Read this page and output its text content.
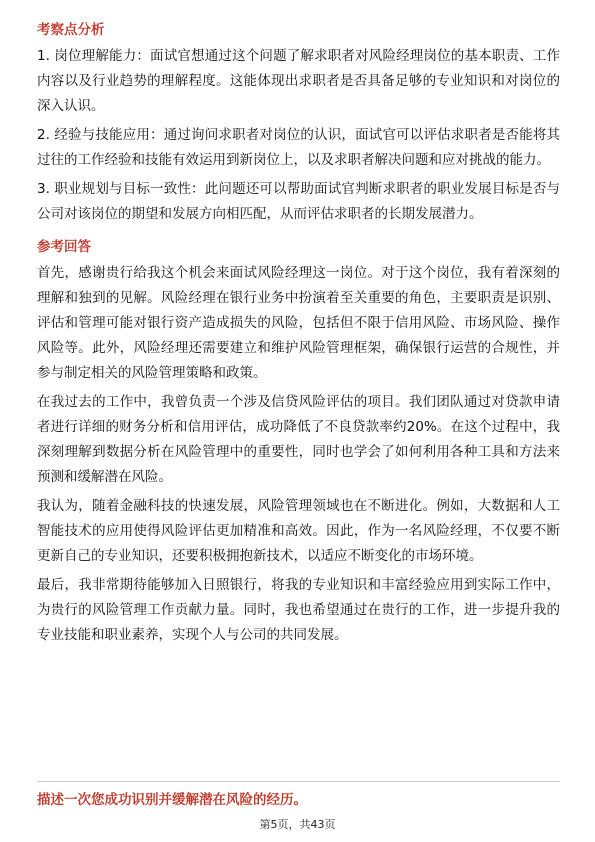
考察点分析

1. 岗位理解能力：面试官想通过这个问题了解求职者对风险经理岗位的基本职责、工作内容以及行业趋势的理解程度。这能体现出求职者是否具备足够的专业知识和对岗位的深入认识。

2. 经验与技能应用：通过询问求职者对岗位的认识，面试官可以评估求职者是否能将其过往的工作经验和技能有效运用到新岗位上，以及求职者解决问题和应对挑战的能力。

3. 职业规划与目标一致性：此问题还可以帮助面试官判断求职者的职业发展目标是否与公司对该岗位的期望和发展方向相匹配，从而评估求职者的长期发展潜力。

参考回答

首先，感谢贵行给我这个机会来面试风险经理这一岗位。对于这个岗位，我有着深刻的理解和独到的见解。风险经理在银行业务中扮演着至关重要的角色，主要职责是识别、评估和管理可能对银行资产造成损失的风险，包括但不限于信用风险、市场风险、操作风险等。此外，风险经理还需要建立和维护风险管理框架，确保银行运营的合规性，并参与制定相关的风险管理策略和政策。

在我过去的工作中，我曾负责一个涉及信贷风险评估的项目。我们团队通过对贷款申请者进行详细的财务分析和信用评估，成功降低了不良贷款率约20%。在这个过程中，我深刻理解到数据分析在风险管理中的重要性，同时也学会了如何利用各种工具和方法来预测和缓解潜在风险。

我认为，随着金融科技的快速发展，风险管理领域也在不断进化。例如，大数据和人工智能技术的应用使得风险评估更加精准和高效。因此，作为一名风险经理，不仅要不断更新自己的专业知识，还要积极拥抱新技术，以适应不断变化的市场环境。

最后，我非常期待能够加入日照银行，将我的专业知识和丰富经验应用到实际工作中，为贵行的风险管理工作贡献力量。同时，我也希望通过在贵行的工作，进一步提升我的专业技能和职业素养，实现个人与公司的共同发展。

描述一次您成功识别并缓解潜在风险的经历。
第5页，共43页
